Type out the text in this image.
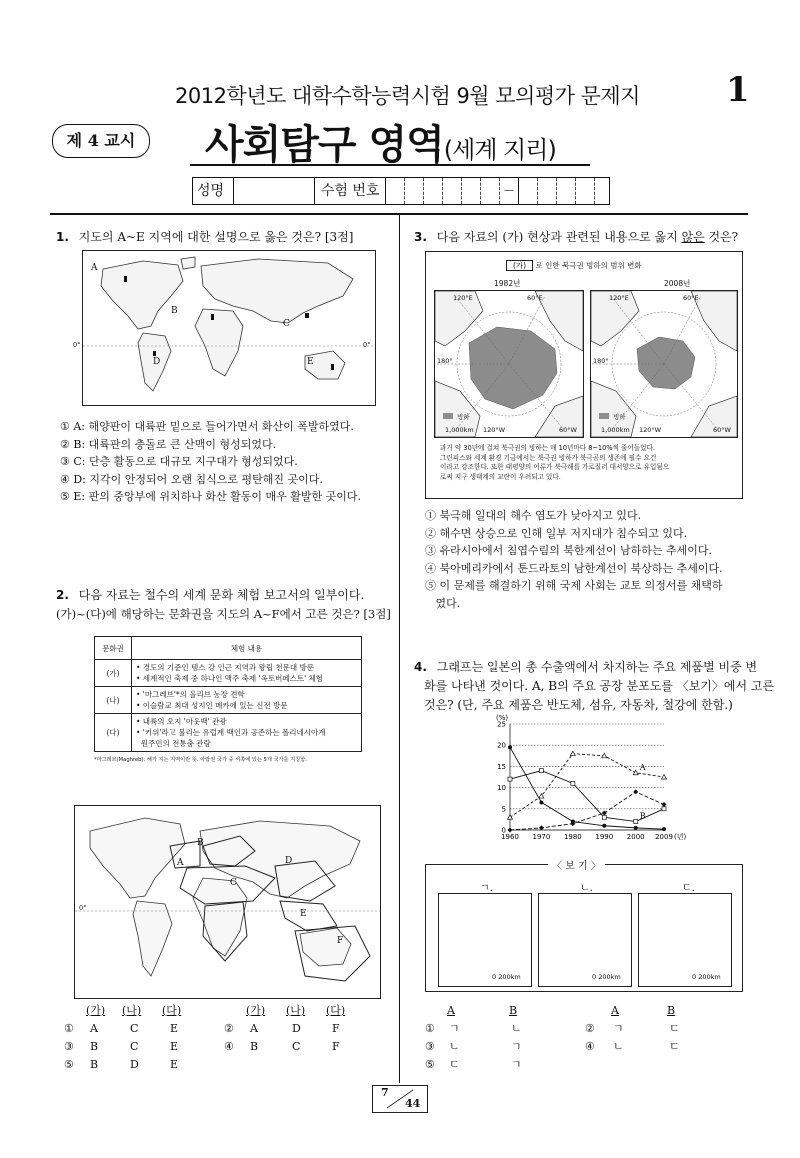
2012학년도 대학수학능력시험 9월 모의평가 문제지	1
제 4 교시	사회탐구 영역(세계 지리)
성명	수험 번호	—
1. 지도의 A~E 지역에 대한 설명으로 옳은 것은? [3점]
A
B
C
D	E
0°	0°
① A: 해양판이 대륙판 밑으로 들어가면서 화산이 폭발하였다.
② B: 대륙판의 충돌로 큰 산맥이 형성되었다.
③ C: 단층 활동으로 대규모 지구대가 형성되었다.
④ D: 지각이 안정되어 오랜 침식으로 평탄해진 곳이다.
⑤ E: 판의 중앙부에 위치하나 화산 활동이 매우 활발한 곳이다.
2. 다음 자료는 철수의 세계 문화 체험 보고서의 일부이다.
(가)~(다)에 해당하는 문화권을 지도의 A~F에서 고른 것은? [3점]
문화권	체험 내용
(가)	• 경도의 기준인 템스 강 인근 지역과 왕립 천문대 방문
• 세계적인 축제 중 하나인 맥주 축제 '옥토버페스트' 체험

(나)	• '마그레브'*의 올리브 농장 견학
• 이슬람교 최대 성지인 메카에 있는 신전 방문

(다)	• 내륙의 오지 '아웃백' 관광
• '키위'라고 불리는 유럽계 백인과 공존하는 폴리네시아계
원주민의 전통춤 관람
*마그레브(Maghreb): 해가 지는 지역이란 뜻. 아랍권 국가 중 서쪽에 있는 5개 국가를 지칭함.
A
B
C
D
E
F
0°
(가) (나) (다)	(가) (나) (다)
① A	C	E	② A	D	F
③ B	C	E	④ B	C	F
⑤ B	D	E
3. 다음 자료의 (가) 현상과 관련된 내용으로 옳지 않은 것은?
(가) 로 인한 북극권 빙하의 범위 변화
1982년	2008년
120°E	60°E
180°
120°W	60°W
빙하
1,000km
120°E	60°E
180°
120°W	60°W
빙하
1,000km
과거 약 30년에 걸쳐 북극권의 빙하는 매 10년마다 8~10%씩 줄어들었다.
그린피스와 세계 환경 기금에서는 북극권 빙하가 북극곰의 생존에 필수 요건
이라고 강조한다. 또한 태평양의 어류가 북극해를 가로질러 대서양으로 유입됨으
로써 지구 생태계의 교란이 우려되고 있다.
① 북극해 일대의 해수 염도가 낮아지고 있다.
② 해수면 상승으로 인해 일부 저지대가 침수되고 있다.
③ 유라시아에서 침엽수림의 북한계선이 남하하는 추세이다.
④ 북아메리카에서 툰드라토의 남한계선이 북상하는 추세이다.
⑤ 이 문제를 해결하기 위해 국제 사회는 교토 의정서를 채택하
였다.
4. 그래프는 일본의 총 수출액에서 차지하는 주요 제품별 비중 변
화를 나타낸 것이다. A, B의 주요 공장 분포도를 〈보기〉에서 고른
것은? (단, 주요 제품은 반도체, 섬유, 자동차, 철강에 한함.)
0
5
10
15
20
25
(%)
1960 1970 1980 1990 2000 2009 (년)
A
B
〈 보 기 〉
ㄱ.	ㄴ.	ㄷ.
0 200km	0 200km	0 200km
A	B	A	B
① ㄱ	ㄴ	② ㄱ	ㄷ
③ ㄴ	ㄱ	④ ㄴ	ㄷ
⑤ ㄷ	ㄱ
7
44
